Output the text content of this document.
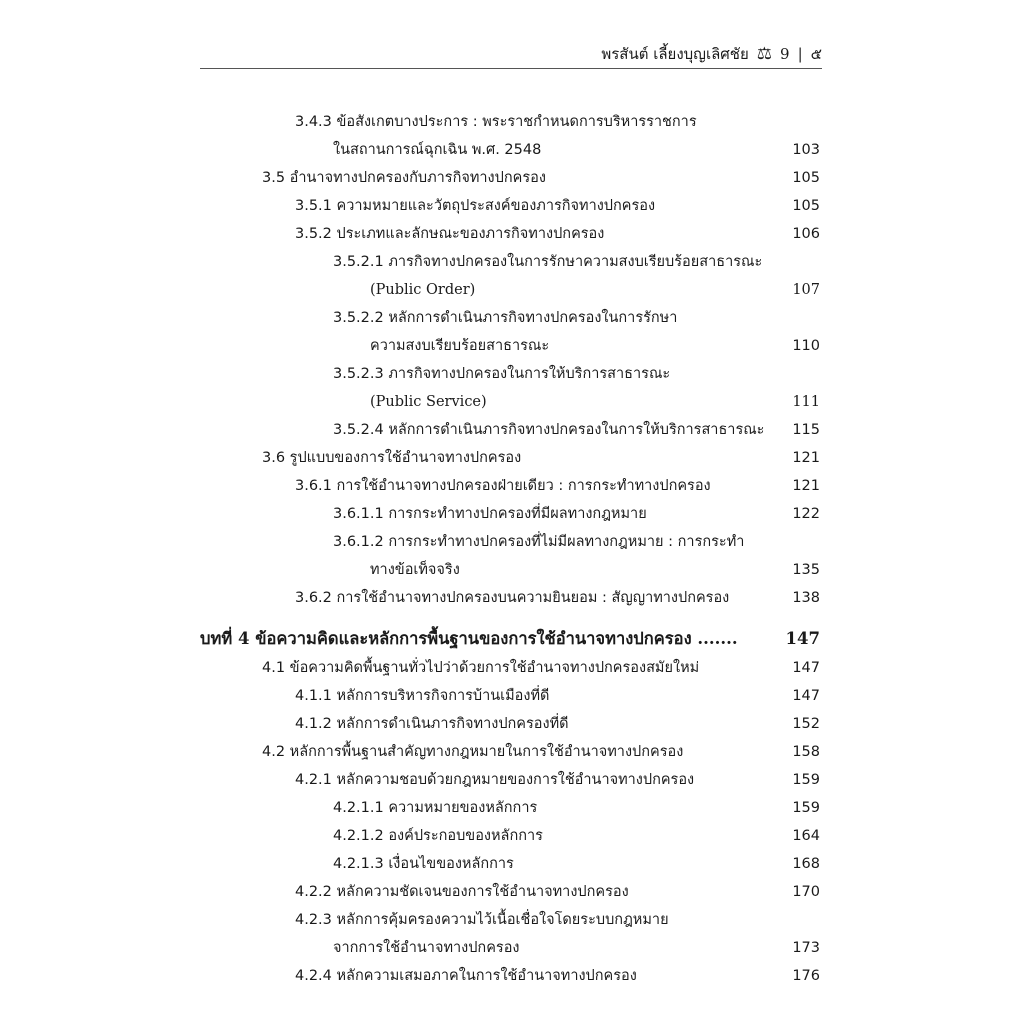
พรสันต์ เลี้ยงบุญเลิศชัย ⚖ 9 | ๕
3.4.3 ข้อสังเกตบางประการ : พระราชกำหนดการบริหารราชการ
ในสถานการณ์ฉุกเฉิน พ.ศ. 2548	103
3.5 อำนาจทางปกครองกับภารกิจทางปกครอง	105
3.5.1 ความหมายและวัตถุประสงค์ของภารกิจทางปกครอง	105
3.5.2 ประเภทและลักษณะของภารกิจทางปกครอง	106
3.5.2.1 ภารกิจทางปกครองในการรักษาความสงบเรียบร้อยสาธารณะ
(Public Order)	107
3.5.2.2 หลักการดำเนินภารกิจทางปกครองในการรักษา
ความสงบเรียบร้อยสาธารณะ	110
3.5.2.3 ภารกิจทางปกครองในการให้บริการสาธารณะ
(Public Service)	111
3.5.2.4 หลักการดำเนินภารกิจทางปกครองในการให้บริการสาธารณะ 115
3.6 รูปแบบของการใช้อำนาจทางปกครอง	121
3.6.1 การใช้อำนาจทางปกครองฝ่ายเดียว : การกระทำทางปกครอง	121
3.6.1.1 การกระทำทางปกครองที่มีผลทางกฎหมาย	122
3.6.1.2 การกระทำทางปกครองที่ไม่มีผลทางกฎหมาย : การกระทำ
ทางข้อเท็จจริง	135
3.6.2 การใช้อำนาจทางปกครองบนความยินยอม : สัญญาทางปกครอง	138
บทที่ 4 ข้อความคิดและหลักการพื้นฐานของการใช้อำนาจทางปกครอง .......	147
4.1 ข้อความคิดพื้นฐานทั่วไปว่าด้วยการใช้อำนาจทางปกครองสมัยใหม่	147
4.1.1 หลักการบริหารกิจการบ้านเมืองที่ดี	147
4.1.2 หลักการดำเนินภารกิจทางปกครองที่ดี	152
4.2 หลักการพื้นฐานสำคัญทางกฎหมายในการใช้อำนาจทางปกครอง	158
4.2.1 หลักความชอบด้วยกฎหมายของการใช้อำนาจทางปกครอง	159
4.2.1.1 ความหมายของหลักการ	159
4.2.1.2 องค์ประกอบของหลักการ	164
4.2.1.3 เงื่อนไขของหลักการ	168
4.2.2 หลักความชัดเจนของการใช้อำนาจทางปกครอง	170
4.2.3 หลักการคุ้มครองความไว้เนื้อเชื่อใจโดยระบบกฎหมาย
จากการใช้อำนาจทางปกครอง	173
4.2.4 หลักความเสมอภาคในการใช้อำนาจทางปกครอง	176
